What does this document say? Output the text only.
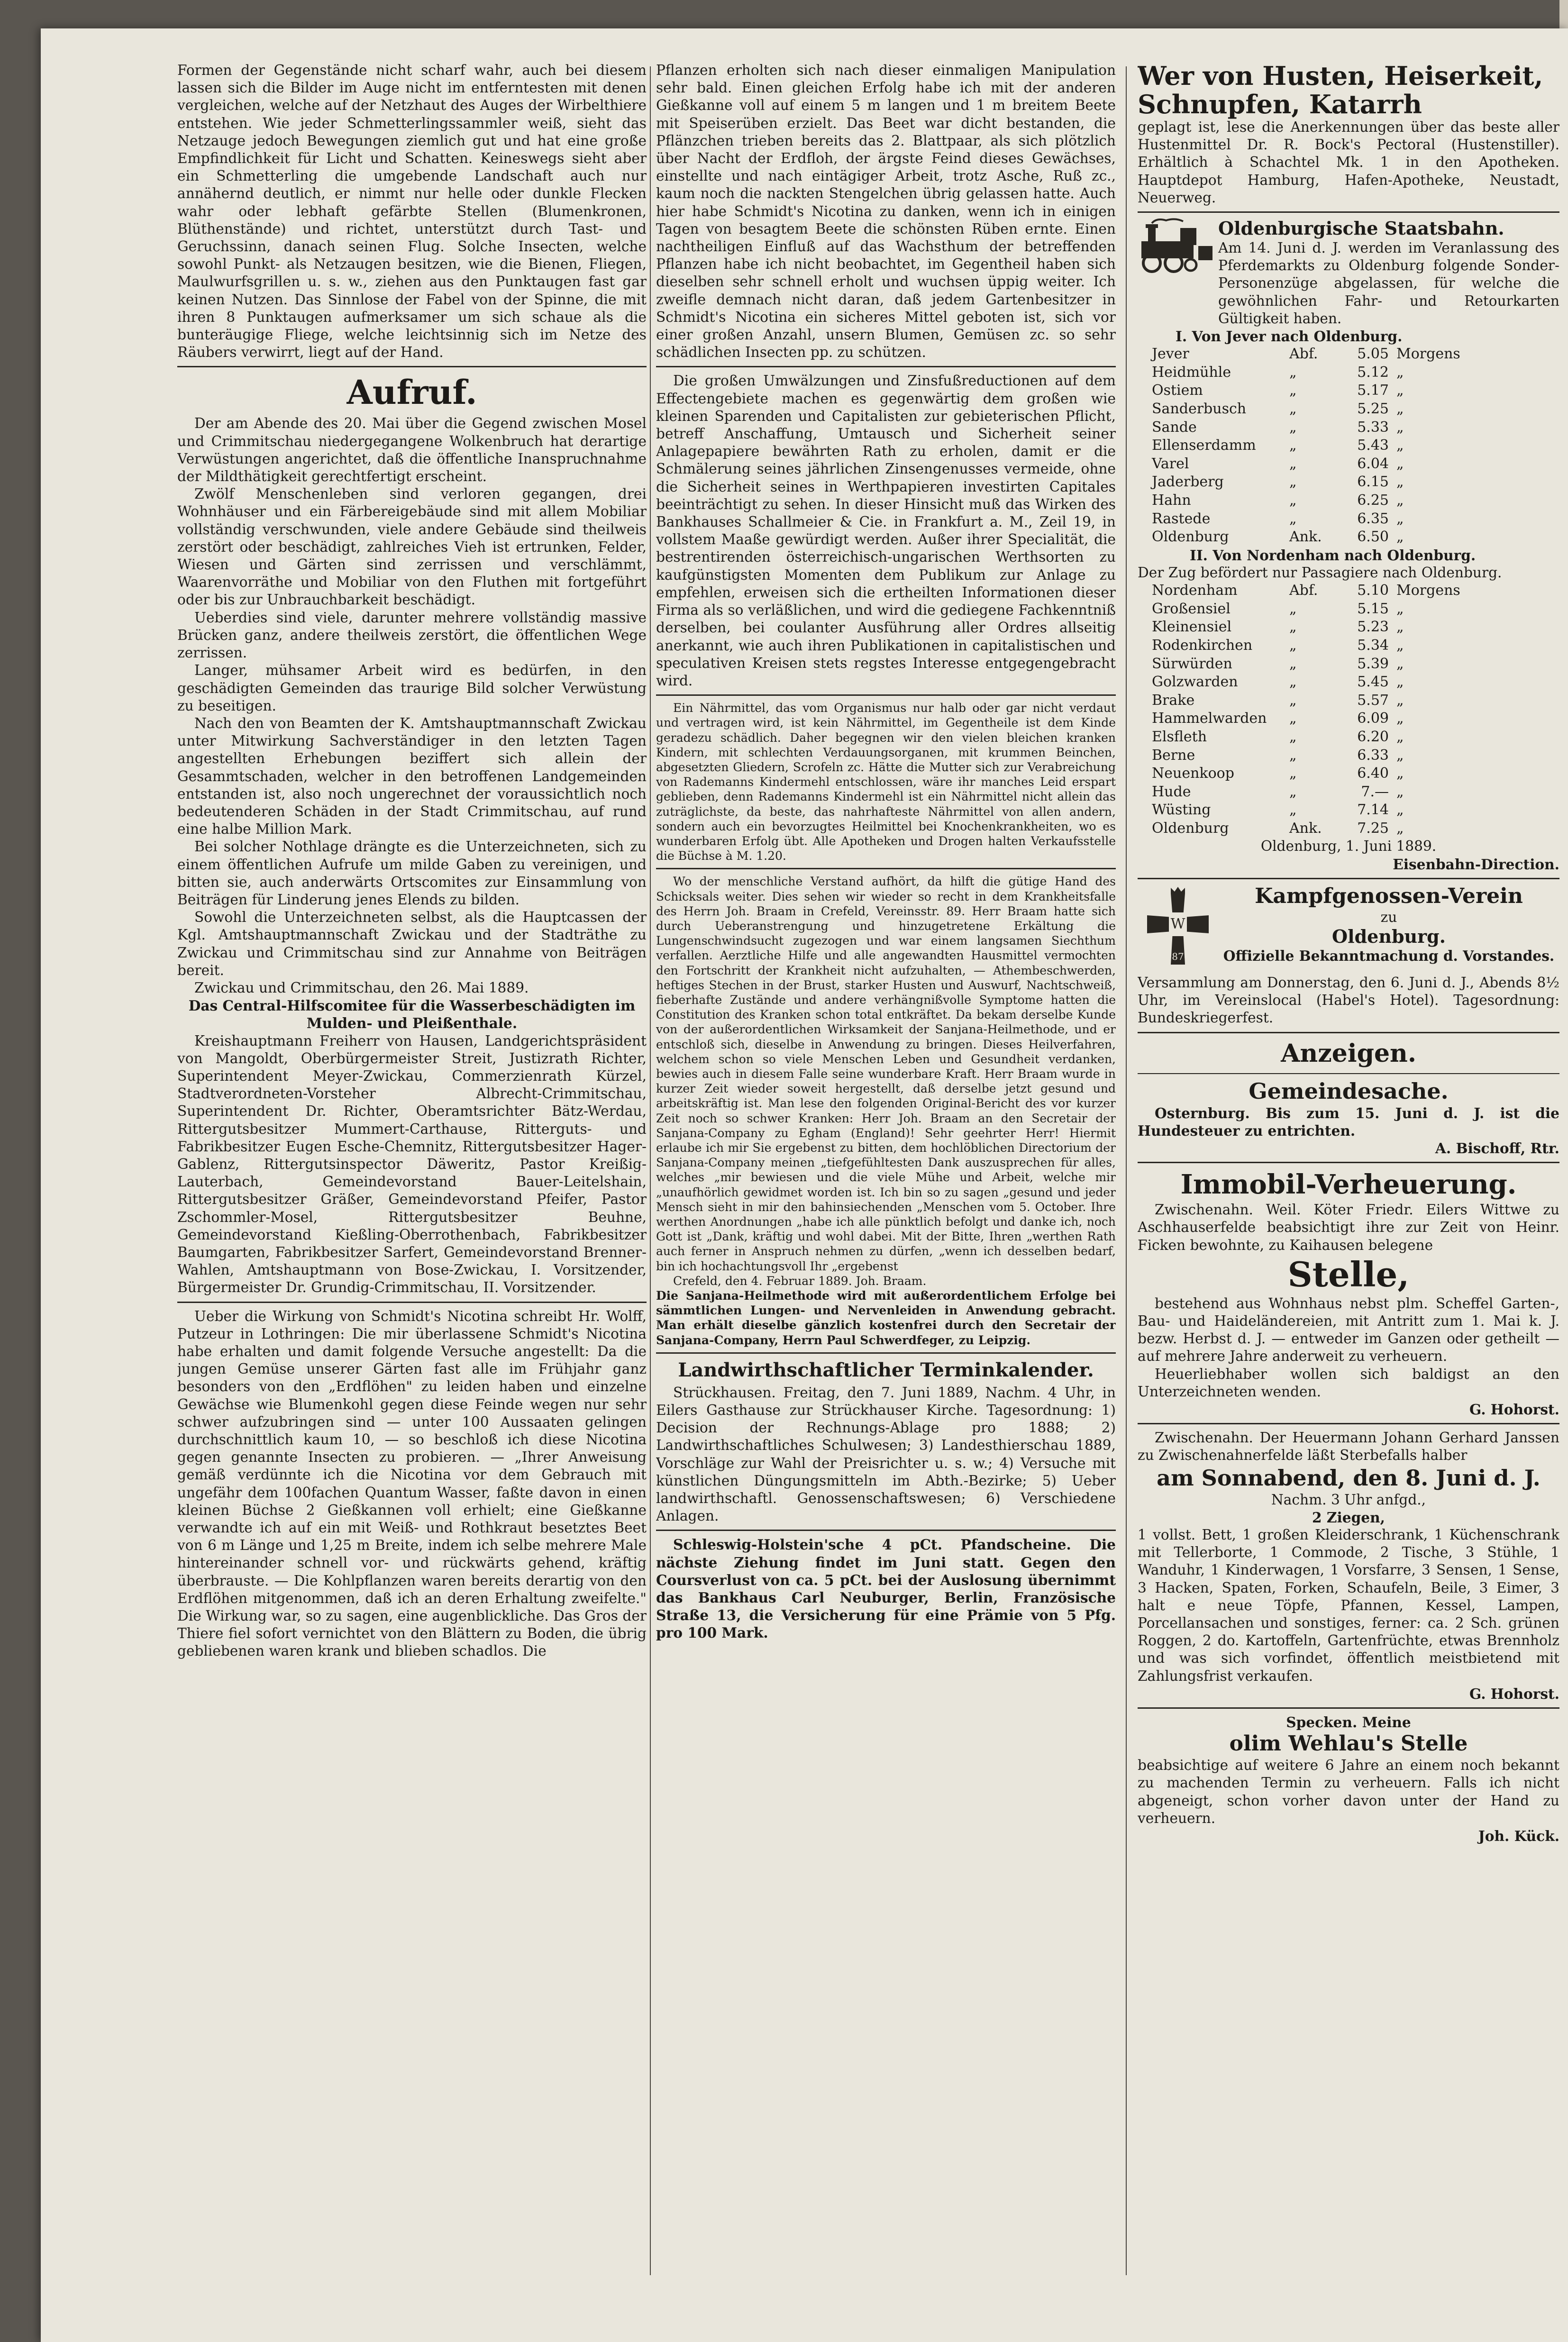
Formen der Gegenstände nicht scharf wahr, auch bei diesem lassen sich die Bilder im Auge nicht im entferntesten mit denen vergleichen, welche auf der Netzhaut des Auges der Wirbelthiere entstehen. Wie jeder Schmetterlingssammler weiß, sieht das Netzauge jedoch Bewegungen ziemlich gut und hat eine große Empfindlichkeit für Licht und Schatten. Keineswegs sieht aber ein Schmetterling die umgebende Landschaft auch nur annähernd deutlich, er nimmt nur helle oder dunkle Flecken wahr oder lebhaft gefärbte Stellen (Blumenkronen, Blüthenstände) und richtet, unterstützt durch Tast- und Geruchssinn, danach seinen Flug. Solche Insecten, welche sowohl Punkt- als Netzaugen besitzen, wie die Bienen, Fliegen, Maulwurfsgrillen u. s. w., ziehen aus den Punktaugen fast gar keinen Nutzen. Das Sinnlose der Fabel von der Spinne, die mit ihren 8 Punktaugen aufmerksamer um sich schaue als die bunteräugige Fliege, welche leichtsinnig sich im Netze des Räubers verwirrt, liegt auf der Hand.

Aufruf.

Der am Abende des 20. Mai über die Gegend zwischen Mosel und Crimmitschau niedergegangene Wolkenbruch hat derartige Verwüstungen angerichtet, daß die öffentliche Inanspruchnahme der Mildthätigkeit gerechtfertigt erscheint.

Zwölf Menschenleben sind verloren gegangen, drei Wohnhäuser und ein Färbereigebäude sind mit allem Mobiliar vollständig verschwunden, viele andere Gebäude sind theilweis zerstört oder beschädigt, zahlreiches Vieh ist ertrunken, Felder, Wiesen und Gärten sind zerrissen und verschlämmt, Waarenvorräthe und Mobiliar von den Fluthen mit fortgeführt oder bis zur Unbrauchbarkeit beschädigt.

Ueberdies sind viele, darunter mehrere vollständig massive Brücken ganz, andere theilweis zerstört, die öffentlichen Wege zerrissen.

Langer, mühsamer Arbeit wird es bedürfen, in den geschädigten Gemeinden das traurige Bild solcher Verwüstung zu beseitigen.

Nach den von Beamten der K. Amtshauptmannschaft Zwickau unter Mitwirkung Sachverständiger in den letzten Tagen angestellten Erhebungen beziffert sich allein der Gesammtschaden, welcher in den betroffenen Landgemeinden entstanden ist, also noch ungerechnet der voraussichtlich noch bedeutenderen Schäden in der Stadt Crimmitschau, auf rund eine halbe Million Mark.

Bei solcher Nothlage drängte es die Unterzeichneten, sich zu einem öffentlichen Aufrufe um milde Gaben zu vereinigen, und bitten sie, auch anderwärts Ortscomites zur Einsammlung von Beiträgen für Linderung jenes Elends zu bilden.

Sowohl die Unterzeichneten selbst, als die Hauptcassen der Kgl. Amtshauptmannschaft Zwickau und der Stadträthe zu Zwickau und Crimmitschau sind zur Annahme von Beiträgen bereit.

Zwickau und Crimmitschau, den 26. Mai 1889.

Das Central-Hilfscomitee für die Wasserbeschädigten im Mulden- und Pleißenthale.

Kreishauptmann Freiherr von Hausen, Landgerichtspräsident von Mangoldt, Oberbürgermeister Streit, Justizrath Richter, Superintendent Meyer-Zwickau, Commerzienrath Kürzel, Stadtverordneten-Vorsteher Albrecht-Crimmitschau, Superintendent Dr. Richter, Oberamtsrichter Bätz-Werdau, Rittergutsbesitzer Mummert-Carthause, Ritterguts- und Fabrikbesitzer Eugen Esche-Chemnitz, Rittergutsbesitzer Hager-Gablenz, Rittergutsinspector Däweritz, Pastor Kreißig-Lauterbach, Gemeindevorstand Bauer-Leitelshain, Rittergutsbesitzer Gräßer, Gemeindevorstand Pfeifer, Pastor Zschommler-Mosel, Rittergutsbesitzer Beuhne, Gemeindevorstand Kießling-Oberrothenbach, Fabrikbesitzer Baumgarten, Fabrikbesitzer Sarfert, Gemeindevorstand Brenner-Wahlen, Amtshauptmann von Bose-Zwickau, I. Vorsitzender, Bürgermeister Dr. Grundig-Crimmitschau, II. Vorsitzender.

Ueber die Wirkung von Schmidt's Nicotina schreibt Hr. Wolff, Putzeur in Lothringen: Die mir überlassene Schmidt's Nicotina habe erhalten und damit folgende Versuche angestellt: Da die jungen Gemüse unserer Gärten fast alle im Frühjahr ganz besonders von den „Erdflöhen" zu leiden haben und einzelne Gewächse wie Blumenkohl gegen diese Feinde wegen nur sehr schwer aufzubringen sind — unter 100 Aussaaten gelingen durchschnittlich kaum 10, — so beschloß ich diese Nicotina gegen genannte Insecten zu probieren. — „Ihrer Anweisung gemäß verdünnte ich die Nicotina vor dem Gebrauch mit ungefähr dem 100fachen Quantum Wasser, faßte davon in einen kleinen Büchse 2 Gießkannen voll erhielt; eine Gießkanne verwandte ich auf ein mit Weiß- und Rothkraut besetztes Beet von 6 m Länge und 1,25 m Breite, indem ich selbe mehrere Male hintereinander schnell vor- und rückwärts gehend, kräftig überbrauste. — Die Kohlpflanzen waren bereits derartig von den Erdflöhen mitgenommen, daß ich an deren Erhaltung zweifelte." Die Wirkung war, so zu sagen, eine augenblickliche. Das Gros der Thiere fiel sofort vernichtet von den Blättern zu Boden, die übrig gebliebenen waren krank und blieben schadlos. Die

Pflanzen erholten sich nach dieser einmaligen Manipulation sehr bald. Einen gleichen Erfolg habe ich mit der anderen Gießkanne voll auf einem 5 m langen und 1 m breitem Beete mit Speiserüben erzielt. Das Beet war dicht bestanden, die Pflänzchen trieben bereits das 2. Blattpaar, als sich plötzlich über Nacht der Erdfloh, der ärgste Feind dieses Gewächses, einstellte und nach eintägiger Arbeit, trotz Asche, Ruß zc., kaum noch die nackten Stengelchen übrig gelassen hatte. Auch hier habe Schmidt's Nicotina zu danken, wenn ich in einigen Tagen von besagtem Beete die schönsten Rüben ernte. Einen nachtheiligen Einfluß auf das Wachsthum der betreffenden Pflanzen habe ich nicht beobachtet, im Gegentheil haben sich dieselben sehr schnell erholt und wuchsen üppig weiter. Ich zweifle demnach nicht daran, daß jedem Gartenbesitzer in Schmidt's Nicotina ein sicheres Mittel geboten ist, sich vor einer großen Anzahl, unsern Blumen, Gemüsen zc. so sehr schädlichen Insecten pp. zu schützen.

Die großen Umwälzungen und Zinsfußreductionen auf dem Effectengebiete machen es gegenwärtig dem großen wie kleinen Sparenden und Capitalisten zur gebieterischen Pflicht, betreff Anschaffung, Umtausch und Sicherheit seiner Anlagepapiere bewährten Rath zu erholen, damit er die Schmälerung seines jährlichen Zinsengenusses vermeide, ohne die Sicherheit seines in Werthpapieren investirten Capitales beeinträchtigt zu sehen. In dieser Hinsicht muß das Wirken des Bankhauses Schallmeier & Cie. in Frankfurt a. M., Zeil 19, in vollstem Maaße gewürdigt werden. Außer ihrer Specialität, die bestrentirenden österreichisch-ungarischen Werthsorten zu kaufgünstigsten Momenten dem Publikum zur Anlage zu empfehlen, erweisen sich die ertheilten Informationen dieser Firma als so verläßlichen, und wird die gediegene Fachkenntniß derselben, bei coulanter Ausführung aller Ordres allseitig anerkannt, wie auch ihren Publikationen in capitalistischen und speculativen Kreisen stets regstes Interesse entgegengebracht wird.

Ein Nährmittel, das vom Organismus nur halb oder gar nicht verdaut und vertragen wird, ist kein Nährmittel, im Gegentheile ist dem Kinde geradezu schädlich. Daher begegnen wir den vielen bleichen kranken Kindern, mit schlechten Verdauungsorganen, mit krummen Beinchen, abgesetzten Gliedern, Scrofeln zc. Hätte die Mutter sich zur Verabreichung von Rademanns Kindermehl entschlossen, wäre ihr manches Leid erspart geblieben, denn Rademanns Kindermehl ist ein Nährmittel nicht allein das zuträglichste, da beste, das nahrhafteste Nährmittel von allen andern, sondern auch ein bevorzugtes Heilmittel bei Knochenkrankheiten, wo es wunderbaren Erfolg übt. Alle Apotheken und Drogen halten Verkaufsstelle die Büchse à M. 1.20.

Wo der menschliche Verstand aufhört, da hilft die gütige Hand des Schicksals weiter. Dies sehen wir wieder so recht in dem Krankheitsfalle des Herrn Joh. Braam in Crefeld, Vereinsstr. 89. Herr Braam hatte sich durch Ueberanstrengung und hinzugetretene Erkältung die Lungenschwindsucht zugezogen und war einem langsamen Siechthum verfallen. Aerztliche Hilfe und alle angewandten Hausmittel vermochten den Fortschritt der Krankheit nicht aufzuhalten, — Athembeschwerden, heftiges Stechen in der Brust, starker Husten und Auswurf, Nachtschweiß, fieberhafte Zustände und andere verhängnißvolle Symptome hatten die Constitution des Kranken schon total entkräftet. Da bekam derselbe Kunde von der außerordentlichen Wirksamkeit der Sanjana-Heilmethode, und er entschloß sich, dieselbe in Anwendung zu bringen. Dieses Heilverfahren, welchem schon so viele Menschen Leben und Gesundheit verdanken, bewies auch in diesem Falle seine wunderbare Kraft. Herr Braam wurde in kurzer Zeit wieder soweit hergestellt, daß derselbe jetzt gesund und arbeitskräftig ist. Man lese den folgenden Original-Bericht des vor kurzer Zeit noch so schwer Kranken: Herr Joh. Braam an den Secretair der Sanjana-Company zu Egham (England)! Sehr geehrter Herr! Hiermit erlaube ich mir Sie ergebenst zu bitten, dem hochlöblichen Directorium der Sanjana-Company meinen „tiefgefühltesten Dank auszusprechen für alles, welches „mir bewiesen und die viele Mühe und Arbeit, welche mir „unaufhörlich gewidmet worden ist. Ich bin so zu sagen „gesund und jeder Mensch sieht in mir den bahinsiechenden „Menschen vom 5. October. Ihre werthen Anordnungen „habe ich alle pünktlich befolgt und danke ich, noch Gott ist „Dank, kräftig und wohl dabei. Mit der Bitte, Ihren „werthen Rath auch ferner in Anspruch nehmen zu dürfen, „wenn ich desselben bedarf, bin ich hochachtungsvoll Ihr „ergebenst

Crefeld, den 4. Februar 1889. Joh. Braam.

Die Sanjana-Heilmethode wird mit außerordentlichem Erfolge bei sämmtlichen Lungen- und Nervenleiden in Anwendung gebracht. Man erhält dieselbe gänzlich kostenfrei durch den Secretair der Sanjana-Company, Herrn Paul Schwerdfeger, zu Leipzig.

Landwirthschaftlicher Terminkalender.

Strückhausen. Freitag, den 7. Juni 1889, Nachm. 4 Uhr, in Eilers Gasthause zur Strückhauser Kirche. Tagesordnung: 1) Decision der Rechnungs-Ablage pro 1888; 2) Landwirthschaftliches Schulwesen; 3) Landesthierschau 1889, Vorschläge zur Wahl der Preisrichter u. s. w.; 4) Versuche mit künstlichen Düngungsmitteln im Abth.-Bezirke; 5) Ueber landwirthschaftl. Genossenschaftswesen; 6) Verschiedene Anlagen.

Schleswig-Holstein'sche 4 pCt. Pfandscheine. Die nächste Ziehung findet im Juni statt. Gegen den Coursverlust von ca. 5 pCt. bei der Auslosung übernimmt das Bankhaus Carl Neuburger, Berlin, Französische Straße 13, die Versicherung für eine Prämie von 5 Pfg. pro 100 Mark.

Wer von Husten, Heiserkeit, Schnupfen, Katarrh

geplagt ist, lese die Anerkennungen über das beste aller Hustenmittel Dr. R. Bock's Pectoral (Hustenstiller). Erhältlich à Schachtel Mk. 1 in den Apotheken. Hauptdepot Hamburg, Hafen-Apotheke, Neustadt, Neuerweg.

Oldenburgische Staatsbahn.

Am 14. Juni d. J. werden im Veranlassung des Pferdemarkts zu Oldenburg folgende Sonder-Personenzüge abgelassen, für welche die gewöhnlichen Fahr- und Retourkarten Gültigkeit haben.

I. Von Jever nach Oldenburg.
Jever	Abf.	5.05 Morgens
Heidmühle	„	5.12 „
Ostiem	„	5.17 „
Sanderbusch	„	5.25 „
Sande	„	5.33 „
Ellenserdamm	„	5.43 „
Varel	„	6.04 „
Jaderberg	„	6.15 „
Hahn	„	6.25 „
Rastede	„	6.35 „
Oldenburg	Ank.	6.50 „
II. Von Nordenham nach Oldenburg.
Der Zug befördert nur Passagiere nach Oldenburg.
Nordenham	Abf.	5.10 Morgens
Großensiel	„	5.15 „
Kleinensiel	„	5.23 „
Rodenkirchen	„	5.34 „
Sürwürden	„	5.39 „
Golzwarden	„	5.45 „
Brake	„	5.57 „
Hammelwarden	„	6.09 „
Elsfleth	„	6.20 „
Berne	„	6.33 „
Neuenkoop	„	6.40 „
Hude	„	7.— „
Wüsting	„	7.14 „
Oldenburg	Ank.	7.25 „
Oldenburg, 1. Juni 1889.
Eisenbahn-Direction.
W
1870
Kampfgenossen-Verein
zu
Oldenburg.
Offizielle Bekanntmachung d. Vorstandes.

Versammlung am Donnerstag, den 6. Juni d. J., Abends 8½ Uhr, im Vereinslocal (Habel's Hotel). Tagesordnung: Bundeskriegerfest.

Anzeigen.
Gemeindesache.

Osternburg. Bis zum 15. Juni d. J. ist die Hundesteuer zu entrichten.

A. Bischoff, Rtr.
Immobil-Verheuerung.

Zwischenahn. Weil. Köter Friedr. Eilers Wittwe zu Aschhauserfelde beabsichtigt ihre zur Zeit von Heinr. Ficken bewohnte, zu Kaihausen belegene

Stelle,

bestehend aus Wohnhaus nebst plm. Scheffel Garten-, Bau- und Haideländereien, mit Antritt zum 1. Mai k. J. bezw. Herbst d. J. — entweder im Ganzen oder getheilt — auf mehrere Jahre anderweit zu verheuern.

Heuerliebhaber wollen sich baldigst an den Unterzeichneten wenden.

G. Hohorst.

Zwischenahn. Der Heuermann Johann Gerhard Janssen zu Zwischenahnerfelde läßt Sterbefalls halber

am Sonnabend, den 8. Juni d. J.
Nachm. 3 Uhr anfgd.,
2 Ziegen,

1 vollst. Bett, 1 großen Kleiderschrank, 1 Küchenschrank mit Tellerborte, 1 Commode, 2 Tische, 3 Stühle, 1 Wanduhr, 1 Kinderwagen, 1 Vorsfarre, 3 Sensen, 1 Sense, 3 Hacken, Spaten, Forken, Schaufeln, Beile, 3 Eimer, 3 halt e neue Töpfe, Pfannen, Kessel, Lampen, Porcellansachen und sonstiges, ferner: ca. 2 Sch. grünen Roggen, 2 do. Kartoffeln, Gartenfrüchte, etwas Brennholz und was sich vorfindet, öffentlich meistbietend mit Zahlungsfrist verkaufen.

G. Hohorst.
Specken. Meine
olim Wehlau's Stelle

beabsichtige auf weitere 6 Jahre an einem noch bekannt zu machenden Termin zu verheuern. Falls ich nicht abgeneigt, schon vorher davon unter der Hand zu verheuern.

Joh. Kück.
